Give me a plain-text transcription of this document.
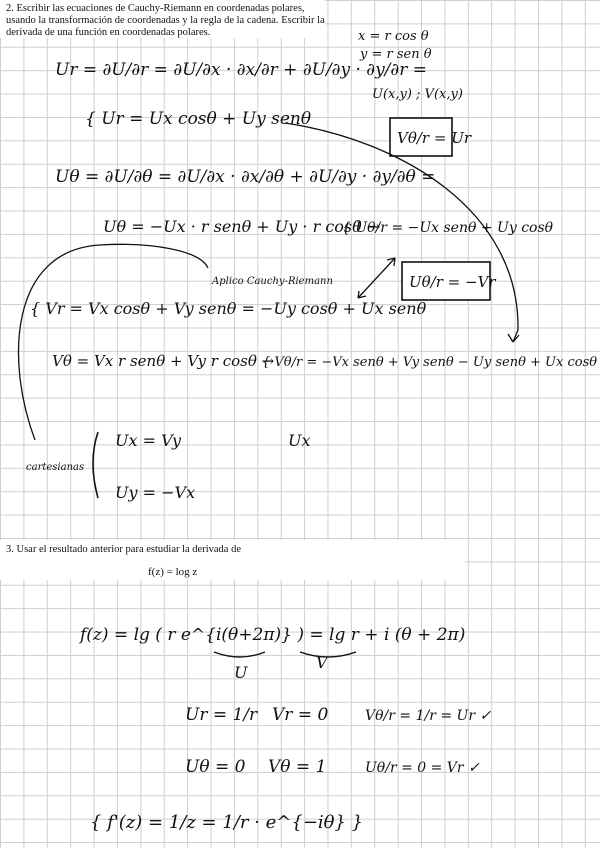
2. Escribir las ecuaciones de Cauchy-Riemann en coordenadas polares, usando la transformación de coordenadas y la regla de la cadena. Escribir la derivada de una función en coordenadas polares.
3. Usar el resultado anterior para estudiar la derivada de
f(z) = log z
x = r cos θ
y = r sen θ
Ur = ∂U/∂r = ∂U/∂x · ∂x/∂r + ∂U/∂y · ∂y/∂r =
U(x,y) ; V(x,y)
{ Ur = Ux cosθ + Uy senθ
Vθ/r = Ur
Uθ = ∂U/∂θ = ∂U/∂x · ∂x/∂θ + ∂U/∂y · ∂y/∂θ =
Uθ = −Ux · r senθ + Uy · r cosθ →
{ Uθ/r = −Ux senθ + Uy cosθ
Aplico Cauchy-Riemann	Uθ/r = −Vr
{ Vr = Vx cosθ + Vy senθ = −Uy cosθ + Ux senθ
Vθ = Vx r senθ + Vy r cosθ →
{ Vθ/r = −Vx senθ + Vy senθ − Uy senθ + Ux cosθ
cartesianas
Ux = Vy
Uy = −Vx
Ux
f(z) = lg ( r e^{i(θ+2π)} ) = lg r + i (θ + 2π)
U
V
Ur = 1/r Vr = 0	Vθ/r = 1/r = Ur ✓
Uθ = 0 Vθ = 1	Uθ/r = 0 = Vr ✓
{ f'(z) = 1/z = 1/r · e^{−iθ} }
